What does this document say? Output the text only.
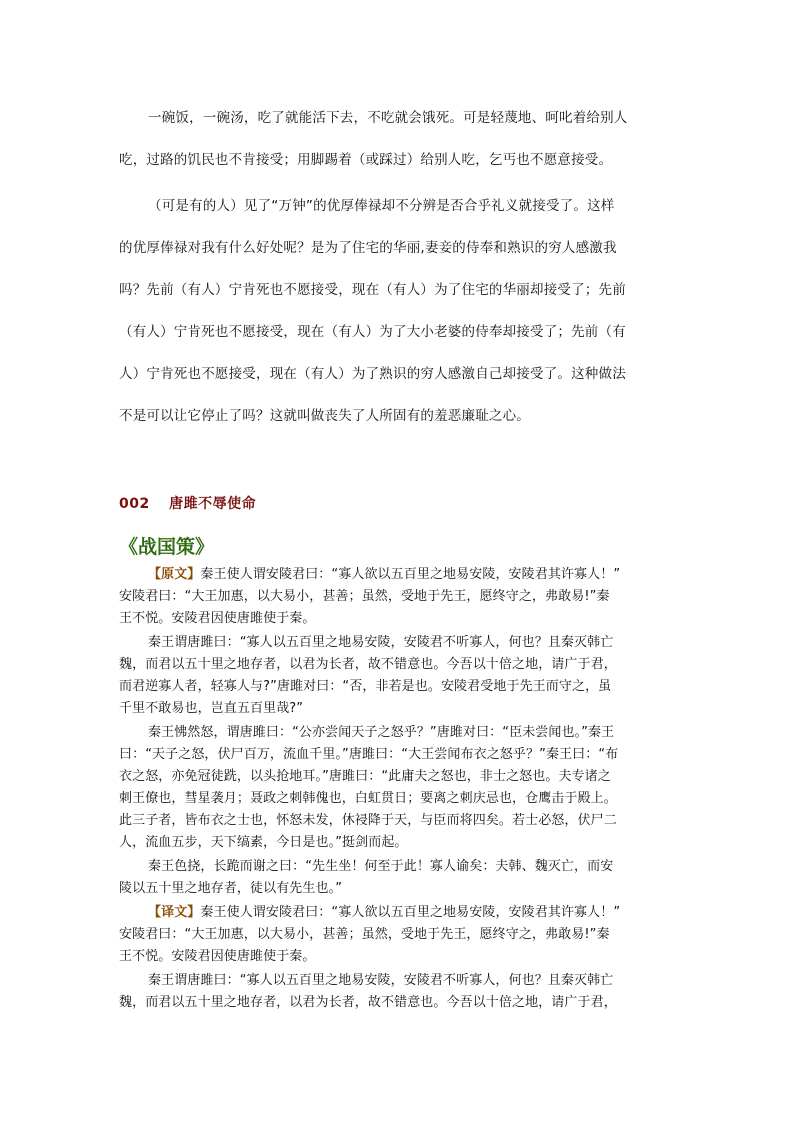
一碗饭，一碗汤，吃了就能活下去，不吃就会饿死。可是轻蔑地、呵叱着给别人
吃，过路的饥民也不肯接受；用脚踢着（或踩过）给别人吃，乞丐也不愿意接受。
（可是有的人）见了“万钟”的优厚俸禄却不分辨是否合乎礼义就接受了。这样
的优厚俸禄对我有什么好处呢？是为了住宅的华丽,妻妾的侍奉和熟识的穷人感激我
吗？先前（有人）宁肯死也不愿接受，现在（有人）为了住宅的华丽却接受了；先前
（有人）宁肯死也不愿接受，现在（有人）为了大小老婆的侍奉却接受了；先前（有
人）宁肯死也不愿接受，现在（有人）为了熟识的穷人感激自己却接受了。这种做法
不是可以让它停止了吗？这就叫做丧失了人所固有的羞恶廉耻之心。
002 唐雎不辱使命
《战国策》
【原文】秦王使人谓安陵君曰：“寡人欲以五百里之地易安陵，安陵君其许寡人！”
安陵君曰：“大王加惠，以大易小，甚善；虽然，受地于先王，愿终守之，弗敢易!”秦
王不悦。安陵君因使唐雎使于秦。
秦王谓唐雎曰：“寡人以五百里之地易安陵，安陵君不听寡人，何也？且秦灭韩亡
魏，而君以五十里之地存者，以君为长者，故不错意也。今吾以十倍之地，请广于君，
而君逆寡人者，轻寡人与?”唐雎对曰：“否，非若是也。安陵君受地于先王而守之，虽
千里不敢易也，岂直五百里哉?”
秦王怫然怒，谓唐雎曰：“公亦尝闻天子之怒乎？”唐雎对曰：“臣未尝闻也。”秦王
曰：“天子之怒，伏尸百万，流血千里。”唐雎曰：“大王尝闻布衣之怒乎？”秦王曰：“布
衣之怒，亦免冠徒跣，以头抢地耳。”唐雎曰：“此庸夫之怒也，非士之怒也。夫专诸之
刺王僚也，彗星袭月；聂政之刺韩傀也，白虹贯日；要离之刺庆忌也，仓鹰击于殿上。
此三子者，皆布衣之士也，怀怒未发，休祲降于天，与臣而将四矣。若士必怒，伏尸二
人，流血五步，天下缟素，今日是也。”挺剑而起。
秦王色挠，长跪而谢之曰：“先生坐！何至于此！寡人谕矣：夫韩、魏灭亡，而安
陵以五十里之地存者，徒以有先生也。”
【译文】秦王使人谓安陵君曰：“寡人欲以五百里之地易安陵，安陵君其许寡人！”
安陵君曰：“大王加惠，以大易小，甚善；虽然，受地于先王，愿终守之，弗敢易!”秦
王不悦。安陵君因使唐雎使于秦。
秦王谓唐雎曰：“寡人以五百里之地易安陵，安陵君不听寡人，何也？且秦灭韩亡
魏，而君以五十里之地存者，以君为长者，故不错意也。今吾以十倍之地，请广于君，
